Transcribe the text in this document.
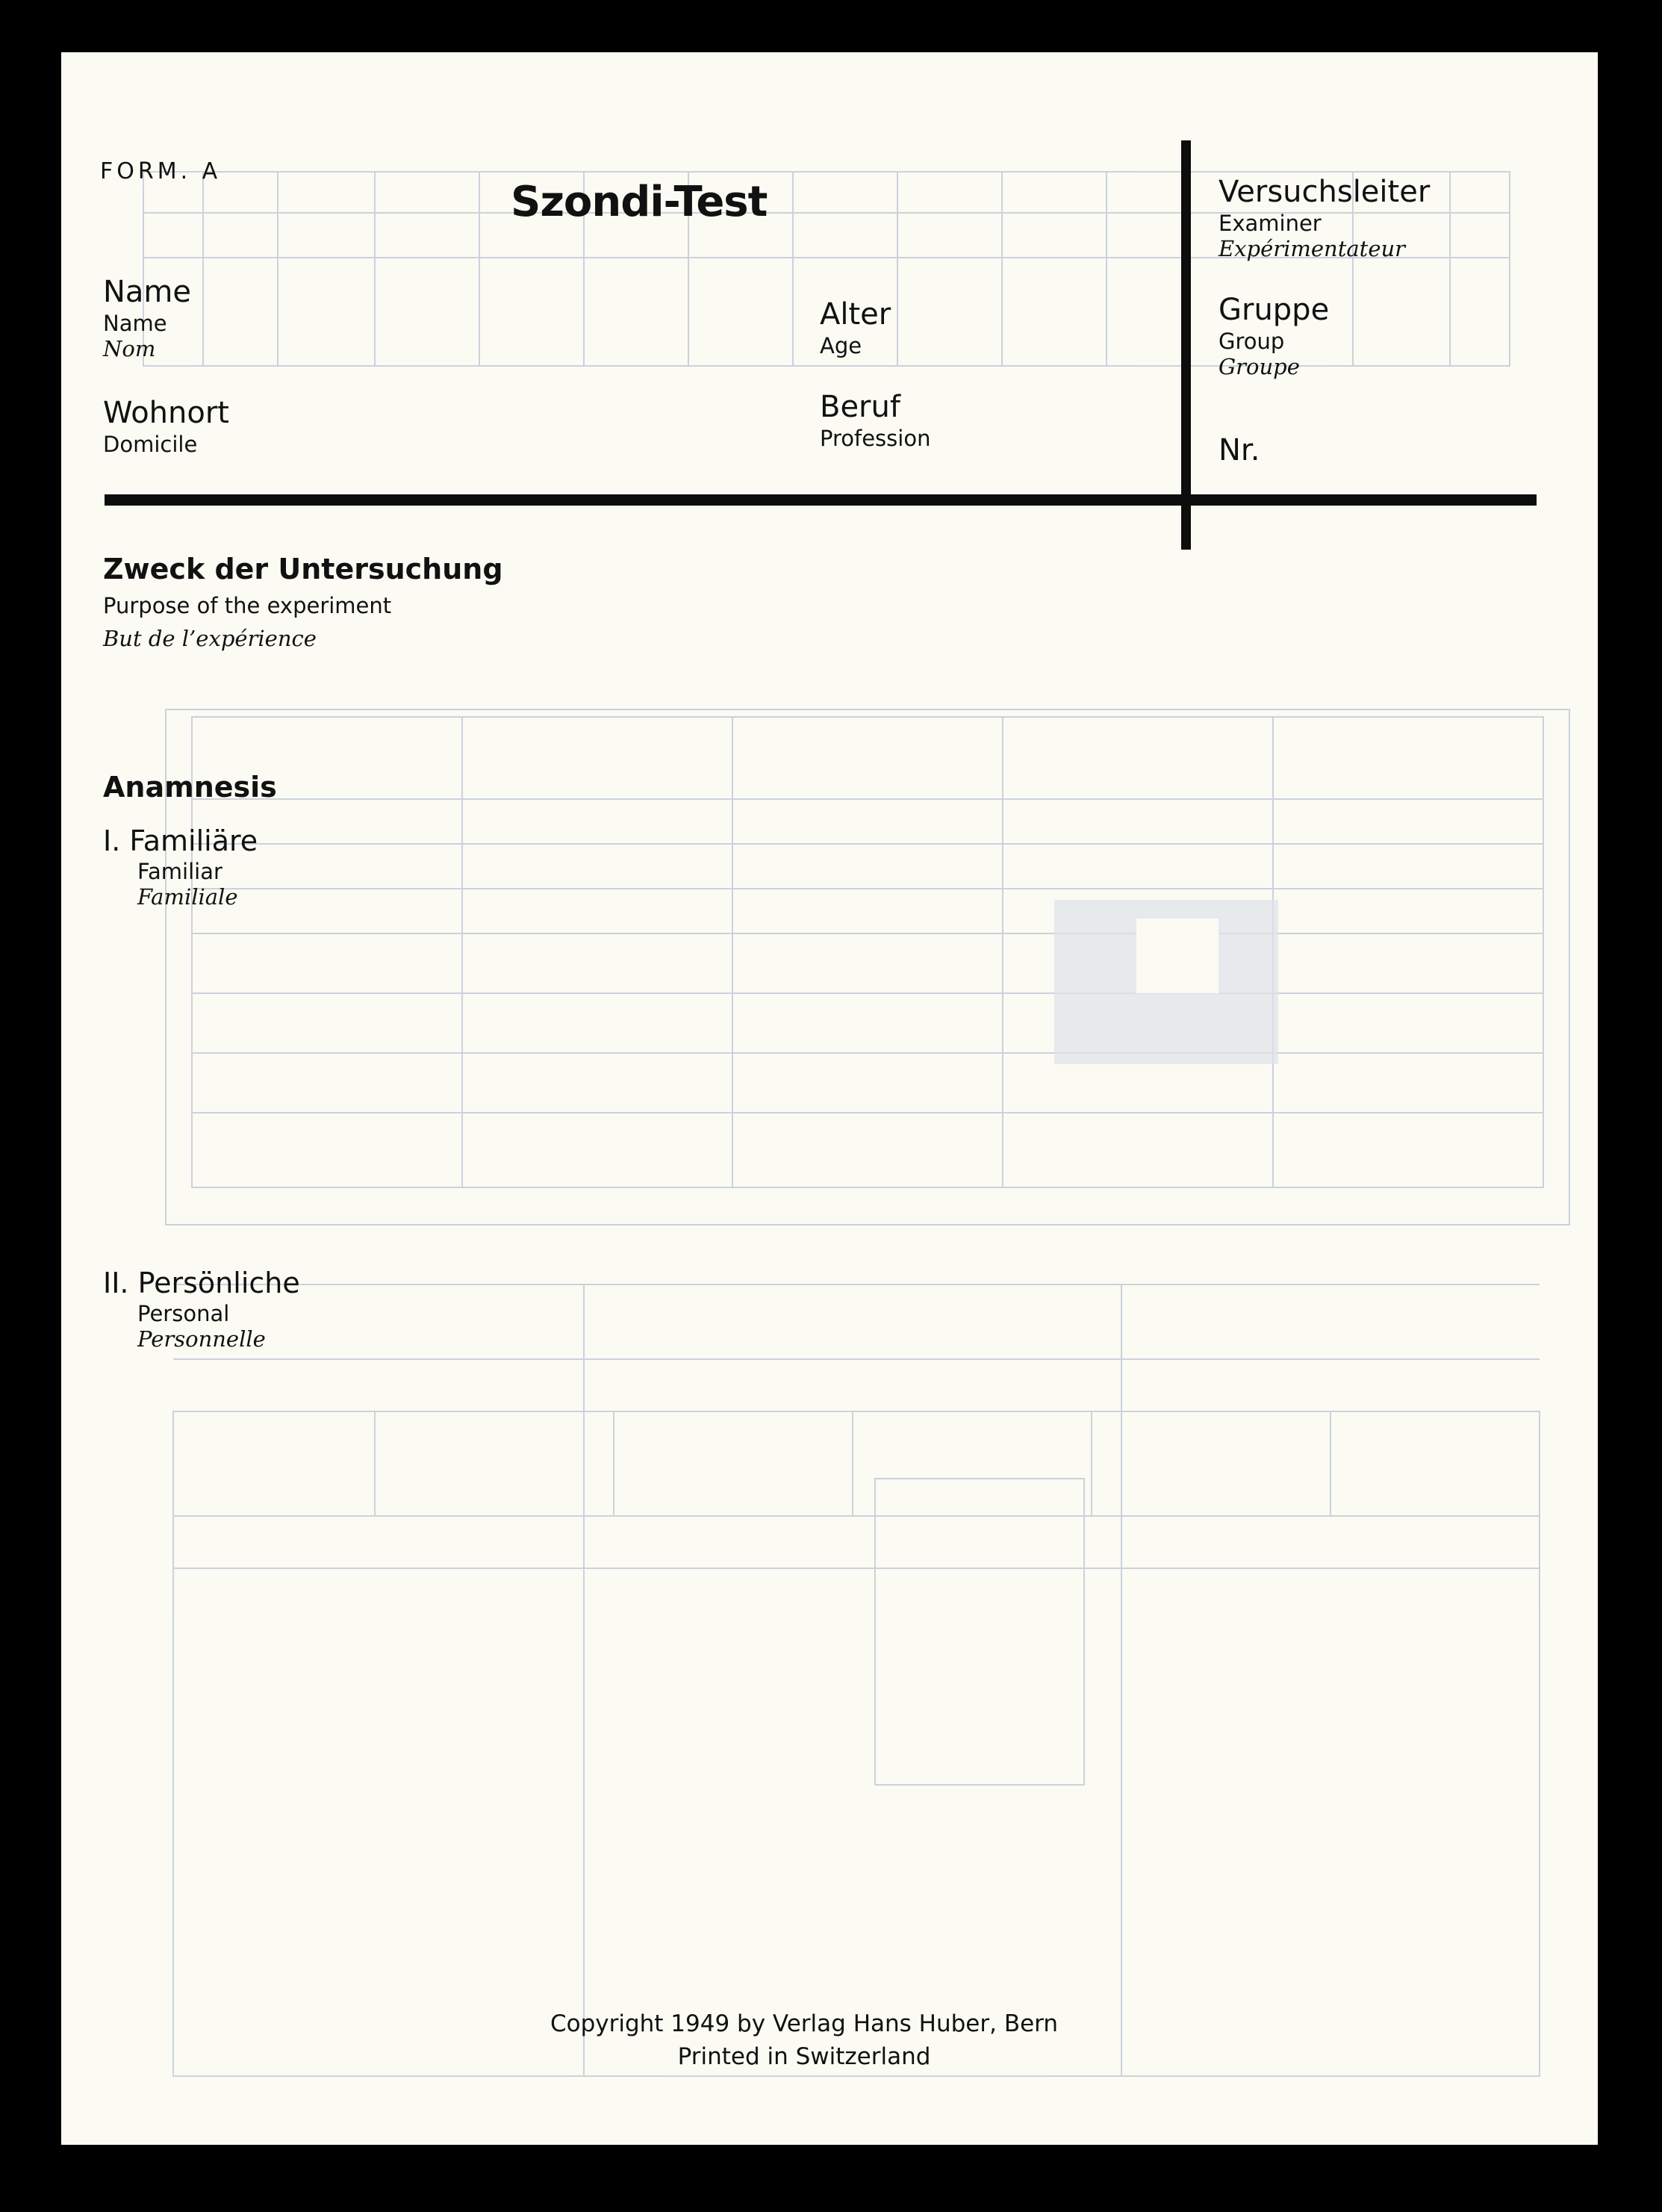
FORM. A
Szondi-Test
Name
Name
Nom
Wohnort
Domicile
Alter
Age
Beruf
Profession
Versuchsleiter
Examiner
Expérimentateur
Gruppe
Group
Groupe
Nr.
Zweck der Untersuchung
Purpose of the experiment
But de l’expérience
Anamnesis
I. Familiäre
Familiar
Familiale
II. Persönliche
Personal
Personnelle
Copyright 1949 by Verlag Hans Huber, Bern
Printed in Switzerland
